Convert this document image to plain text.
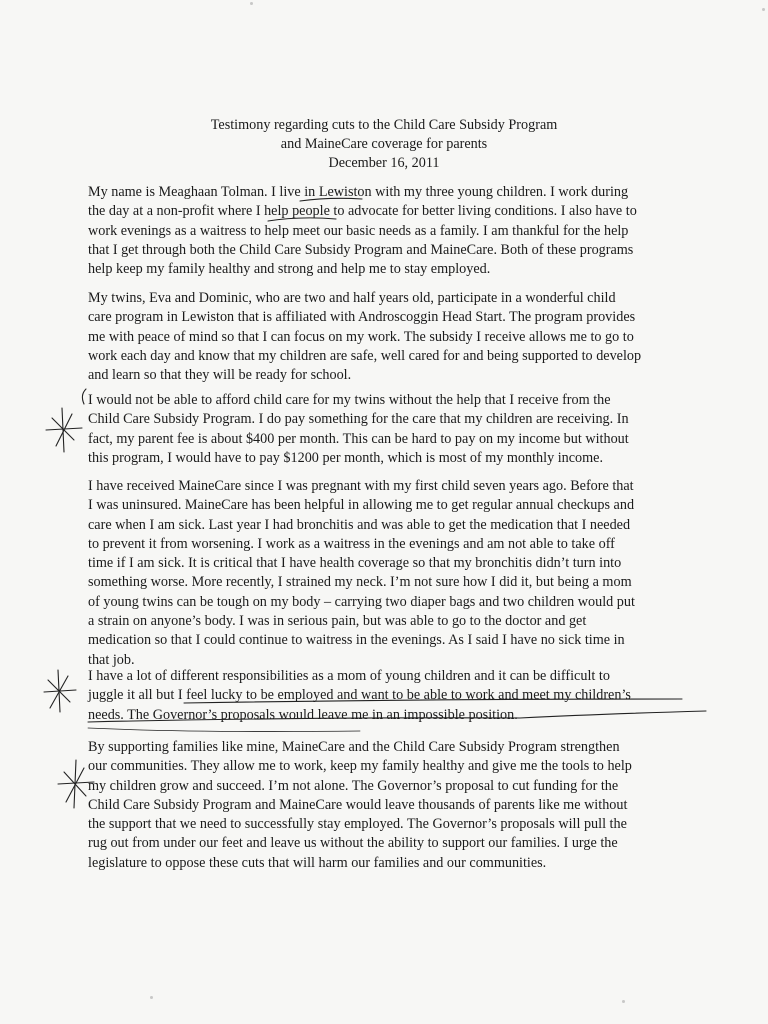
Testimony regarding cuts to the Child Care Subsidy Program
and MaineCare coverage for parents
December 16, 2011
My name is Meaghaan Tolman. I live in Lewiston with my three young children. I work during
the day at a non-profit where I help people to advocate for better living conditions. I also have to
work evenings as a waitress to help meet our basic needs as a family. I am thankful for the help
that I get through both the Child Care Subsidy Program and MaineCare. Both of these programs
help keep my family healthy and strong and help me to stay employed.
My twins, Eva and Dominic, who are two and half years old, participate in a wonderful child
care program in Lewiston that is affiliated with Androscoggin Head Start. The program provides
me with peace of mind so that I can focus on my work. The subsidy I receive allows me to go to
work each day and know that my children are safe, well cared for and being supported to develop
and learn so that they will be ready for school.
I would not be able to afford child care for my twins without the help that I receive from the
Child Care Subsidy Program. I do pay something for the care that my children are receiving. In
fact, my parent fee is about $400 per month. This can be hard to pay on my income but without
this program, I would have to pay $1200 per month, which is most of my monthly income.
I have received MaineCare since I was pregnant with my first child seven years ago. Before that
I was uninsured. MaineCare has been helpful in allowing me to get regular annual checkups and
care when I am sick. Last year I had bronchitis and was able to get the medication that I needed
to prevent it from worsening. I work as a waitress in the evenings and am not able to take off
time if I am sick. It is critical that I have health coverage so that my bronchitis didn’t turn into
something worse. More recently, I strained my neck. I’m not sure how I did it, but being a mom
of young twins can be tough on my body – carrying two diaper bags and two children would put
a strain on anyone’s body. I was in serious pain, but was able to go to the doctor and get
medication so that I could continue to waitress in the evenings. As I said I have no sick time in
that job.
I have a lot of different responsibilities as a mom of young children and it can be difficult to
juggle it all but I feel lucky to be employed and want to be able to work and meet my children’s
needs. The Governor’s proposals would leave me in an impossible position.
By supporting families like mine, MaineCare and the Child Care Subsidy Program strengthen
our communities. They allow me to work, keep my family healthy and give me the tools to help
my children grow and succeed. I’m not alone. The Governor’s proposal to cut funding for the
Child Care Subsidy Program and MaineCare would leave thousands of parents like me without
the support that we need to successfully stay employed. The Governor’s proposals will pull the
rug out from under our feet and leave us without the ability to support our families. I urge the
legislature to oppose these cuts that will harm our families and our communities.
